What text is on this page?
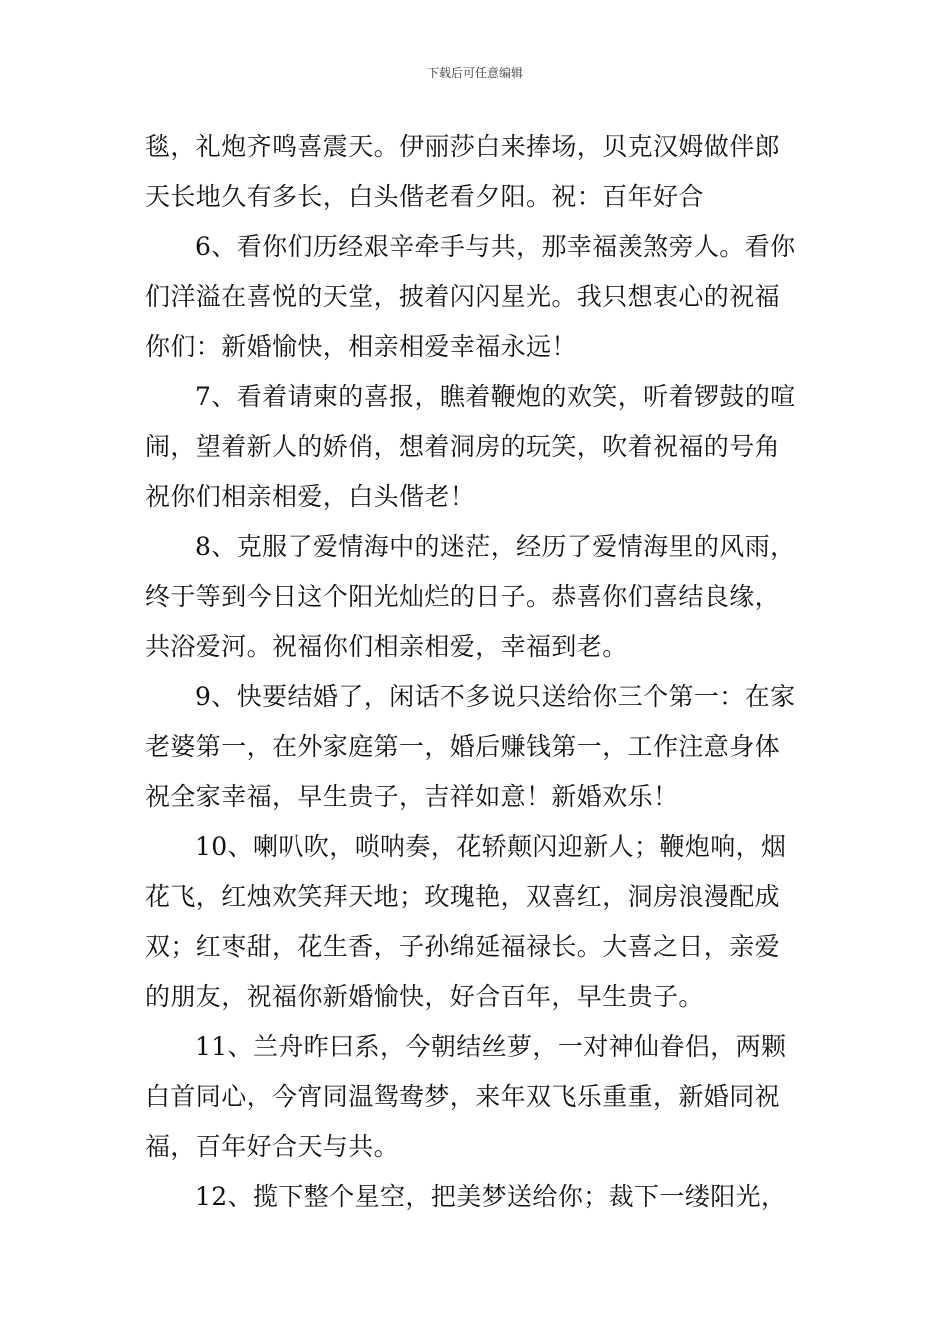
下载后可任意编辑

毯，礼炮齐鸣喜震天。伊丽莎白来捧场，贝克汉姆做伴郎
天长地久有多长，白头偕老看夕阳。祝：百年好合

6、看你们历经艰辛牵手与共，那幸福羡煞旁人。看你
们洋溢在喜悦的天堂，披着闪闪星光。我只想衷心的祝福
你们：新婚愉快，相亲相爱幸福永远！

7、看着请柬的喜报，瞧着鞭炮的欢笑，听着锣鼓的喧
闹，望着新人的娇俏，想着洞房的玩笑，吹着祝福的号角
祝你们相亲相爱，白头偕老！

8、克服了爱情海中的迷茫，经历了爱情海里的风雨，
终于等到今日这个阳光灿烂的日子。恭喜你们喜结良缘，
共浴爱河。祝福你们相亲相爱，幸福到老。

9、快要结婚了，闲话不多说只送给你三个第一：在家
老婆第一，在外家庭第一，婚后赚钱第一，工作注意身体
祝全家幸福，早生贵子，吉祥如意！新婚欢乐！

10、喇叭吹，唢呐奏，花轿颠闪迎新人；鞭炮响，烟
花飞，红烛欢笑拜天地；玫瑰艳，双喜红，洞房浪漫配成
双；红枣甜，花生香，子孙绵延福禄长。大喜之日，亲爱
的朋友，祝福你新婚愉快，好合百年，早生贵子。

11、兰舟昨曰系，今朝结丝萝，一对神仙眷侣，两颗
白首同心，今宵同温鸳鸯梦，来年双飞乐重重，新婚同祝
福，百年好合天与共。

12、揽下整个星空，把美梦送给你；裁下一缕阳光，
